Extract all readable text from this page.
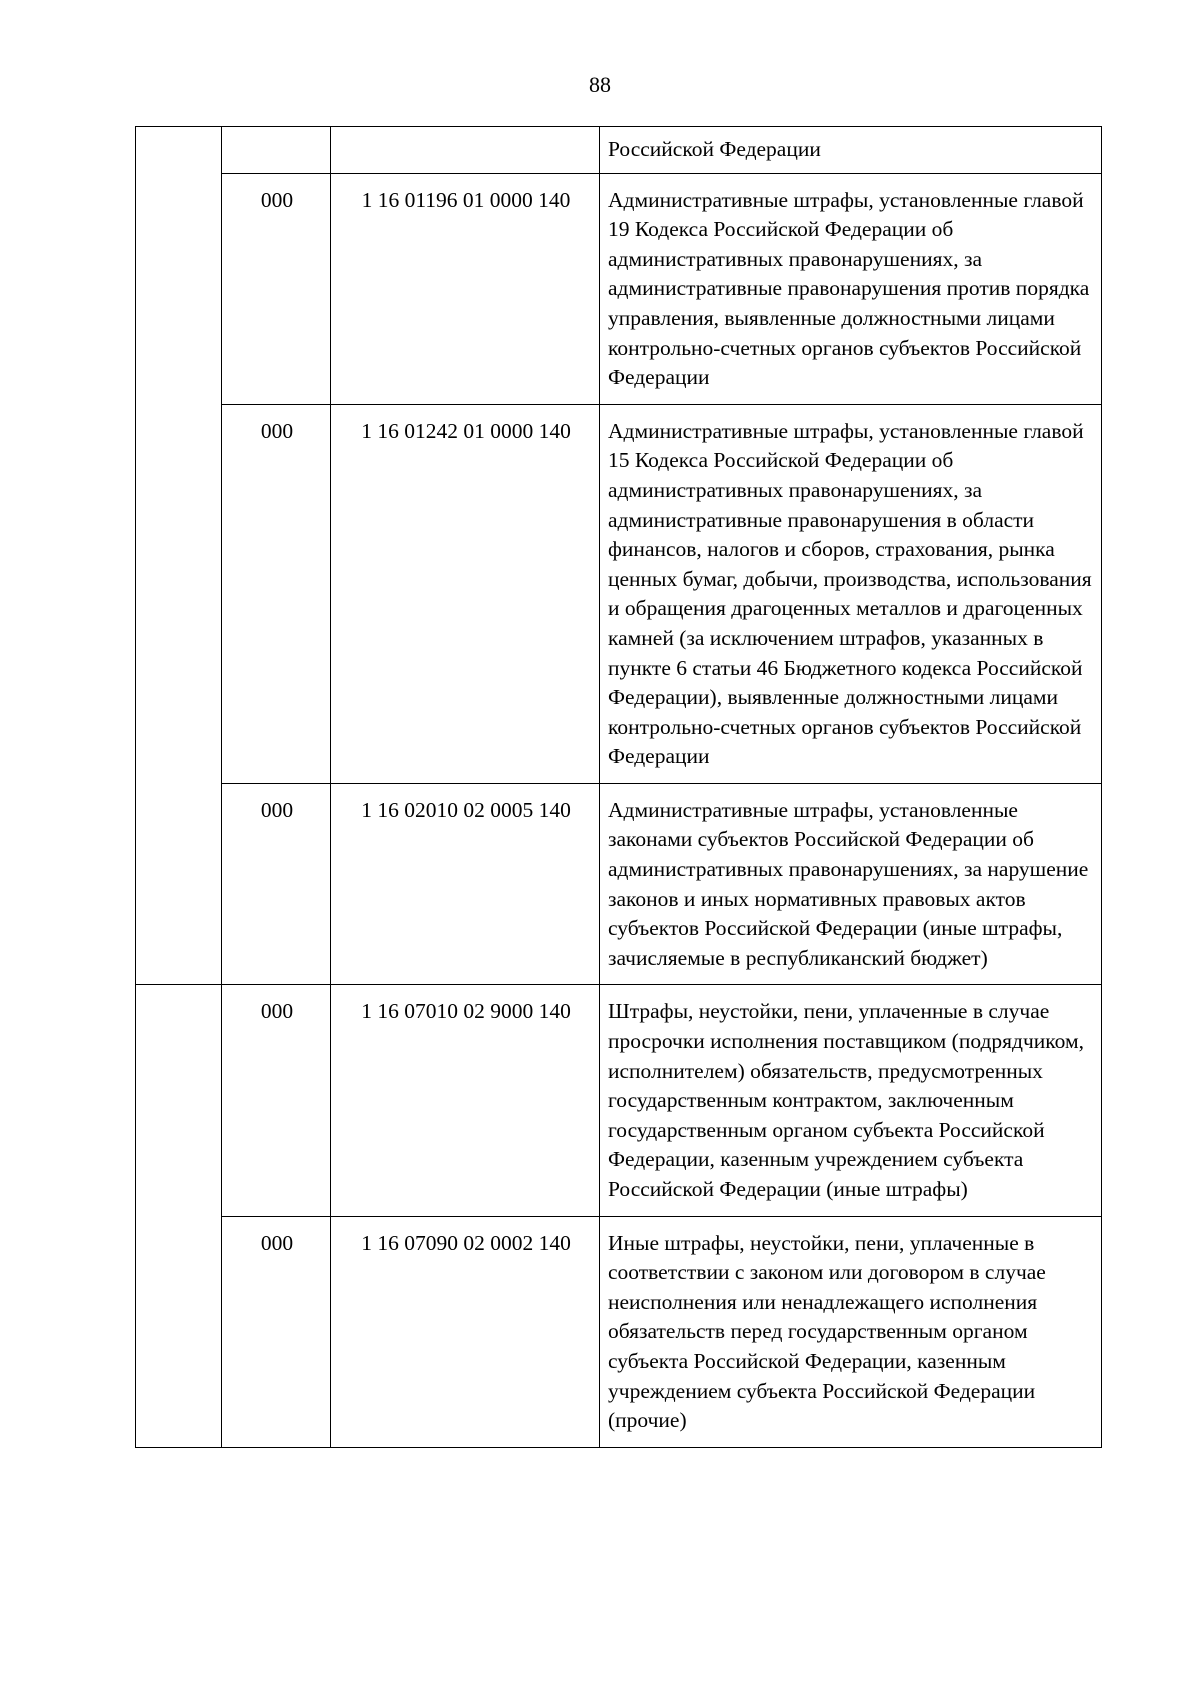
88
			Российской Федерации
	000	1 16 01196 01 0000 140	Административные штрафы, установленные главой 19 Кодекса Российской Федерации об административных правонарушениях, за административные правонарушения против порядка управления, выявленные должностными лицами контрольно-счетных органов субъектов Российской Федерации
	000	1 16 01242 01 0000 140	Административные штрафы, установленные главой 15 Кодекса Российской Федерации об административных правонарушениях, за административные правонарушения в области финансов, налогов и сборов, страхования, рынка ценных бумаг, добычи, производства, использования и обращения драгоценных металлов и драгоценных камней (за исключением штрафов, указанных в пункте 6 статьи 46 Бюджетного кодекса Российской Федерации), выявленные должностными лицами контрольно-счетных органов субъектов Российской Федерации
	000	1 16 02010 02 0005 140	Административные штрафы, установленные законами субъектов Российской Федерации об административных правонарушениях, за нарушение законов и иных нормативных правовых актов субъектов Российской Федерации (иные штрафы, зачисляемые в республиканский бюджет)
	000	1 16 07010 02 9000 140	Штрафы, неустойки, пени, уплаченные в случае просрочки исполнения поставщиком (подрядчиком, исполнителем) обязательств, предусмотренных государственным контрактом, заключенным государственным органом субъекта Российской Федерации, казенным учреждением субъекта Российской Федерации (иные штрафы)
	000	1 16 07090 02 0002 140	Иные штрафы, неустойки, пени, уплаченные в соответствии с законом или договором в случае неисполнения или ненадлежащего исполнения обязательств перед государственным органом субъекта Российской Федерации, казенным учреждением субъекта Российской Федерации (прочие)
